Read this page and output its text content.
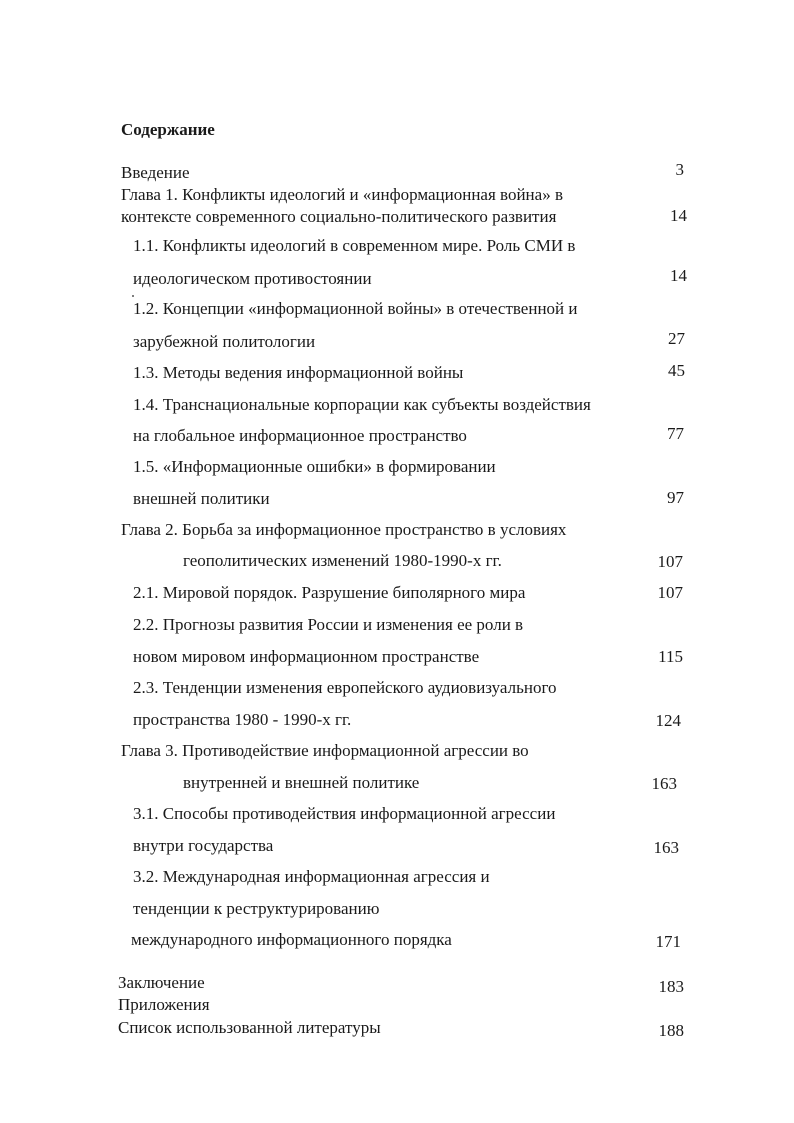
Содержание
Введение	3
Глава 1. Конфликты идеологий и «информационная война» в
контексте современного социально-политического развития	14
1.1. Конфликты идеологий в современном мире. Роль СМИ в
идеологическом противостоянии	14
1.2. Концепции «информационной войны» в отечественной и
зарубежной политологии	27
1.3. Методы ведения информационной войны	45
1.4. Транснациональные корпорации как субъекты воздействия
на глобальное информационное пространство	77
1.5. «Информационные ошибки» в формировании
внешней политики	97
Глава 2. Борьба за информационное пространство в условиях
геополитических изменений 1980-1990-х гг.	107
2.1. Мировой порядок. Разрушение биполярного мира	107
2.2. Прогнозы развития России и изменения ее роли в
новом мировом информационном пространстве	115
2.3. Тенденции изменения европейского аудиовизуального
пространства 1980 - 1990-х гг.	124
Глава 3. Противодействие информационной агрессии во
внутренней и внешней политике	163
3.1. Способы противодействия информационной агрессии
внутри государства	163
3.2. Международная информационная агрессия и
тенденции к реструктурированию
международного информационного порядка	171
Заключение	183
Приложения
Список использованной литературы	188
